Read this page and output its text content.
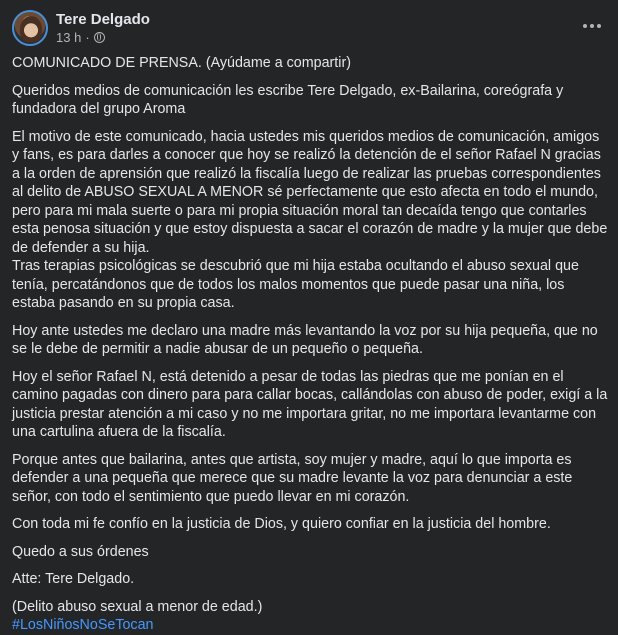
Tere Delgado
13 h ·

COMUNICADO DE PRENSA. (Ayúdame a compartir)

Queridos medios de comunicación les escribe Tere Delgado, ex-Bailarina, coreógrafa y fundadora del grupo Aroma

El motivo de este comunicado, hacia ustedes mis queridos medios de comunicación, amigos y fans, es para darles a conocer que hoy se realizó la detención de el señor Rafael N gracias a la orden de aprensión que realizó la fiscalía luego de realizar las pruebas correspondientes al delito de ABUSO SEXUAL A MENOR sé perfectamente que esto afecta en todo el mundo, pero para mi mala suerte o para mi propia situación moral tan decaída tengo que contarles esta penosa situación y que estoy dispuesta a sacar el corazón de madre y la mujer que debe de defender a su hija.

Tras terapias psicológicas se descubrió que mi hija estaba ocultando el abuso sexual que tenía, percatándonos que de todos los malos momentos que puede pasar una niña, los estaba pasando en su propia casa.

Hoy ante ustedes me declaro una madre más levantando la voz por su hija pequeña, que no se le debe de permitir a nadie abusar de un pequeño o pequeña.

Hoy el señor Rafael N, está detenido a pesar de todas las piedras que me ponían en el camino pagadas con dinero para para callar bocas, callándolas con abuso de poder, exigí a la justicia prestar atención a mi caso y no me importara gritar, no me importara levantarme con una cartulina afuera de la fiscalía.

Porque antes que bailarina, antes que artista, soy mujer y madre, aquí lo que importa es defender a una pequeña que merece que su madre levante la voz para denunciar a este señor, con todo el sentimiento que puedo llevar en mi corazón.

Con toda mi fe confío en la justicia de Dios, y quiero confiar en la justicia del hombre.

Quedo a sus órdenes

Atte: Tere Delgado.

(Delito abuso sexual a menor de edad.)

#LosNiñosNoSeTocan
